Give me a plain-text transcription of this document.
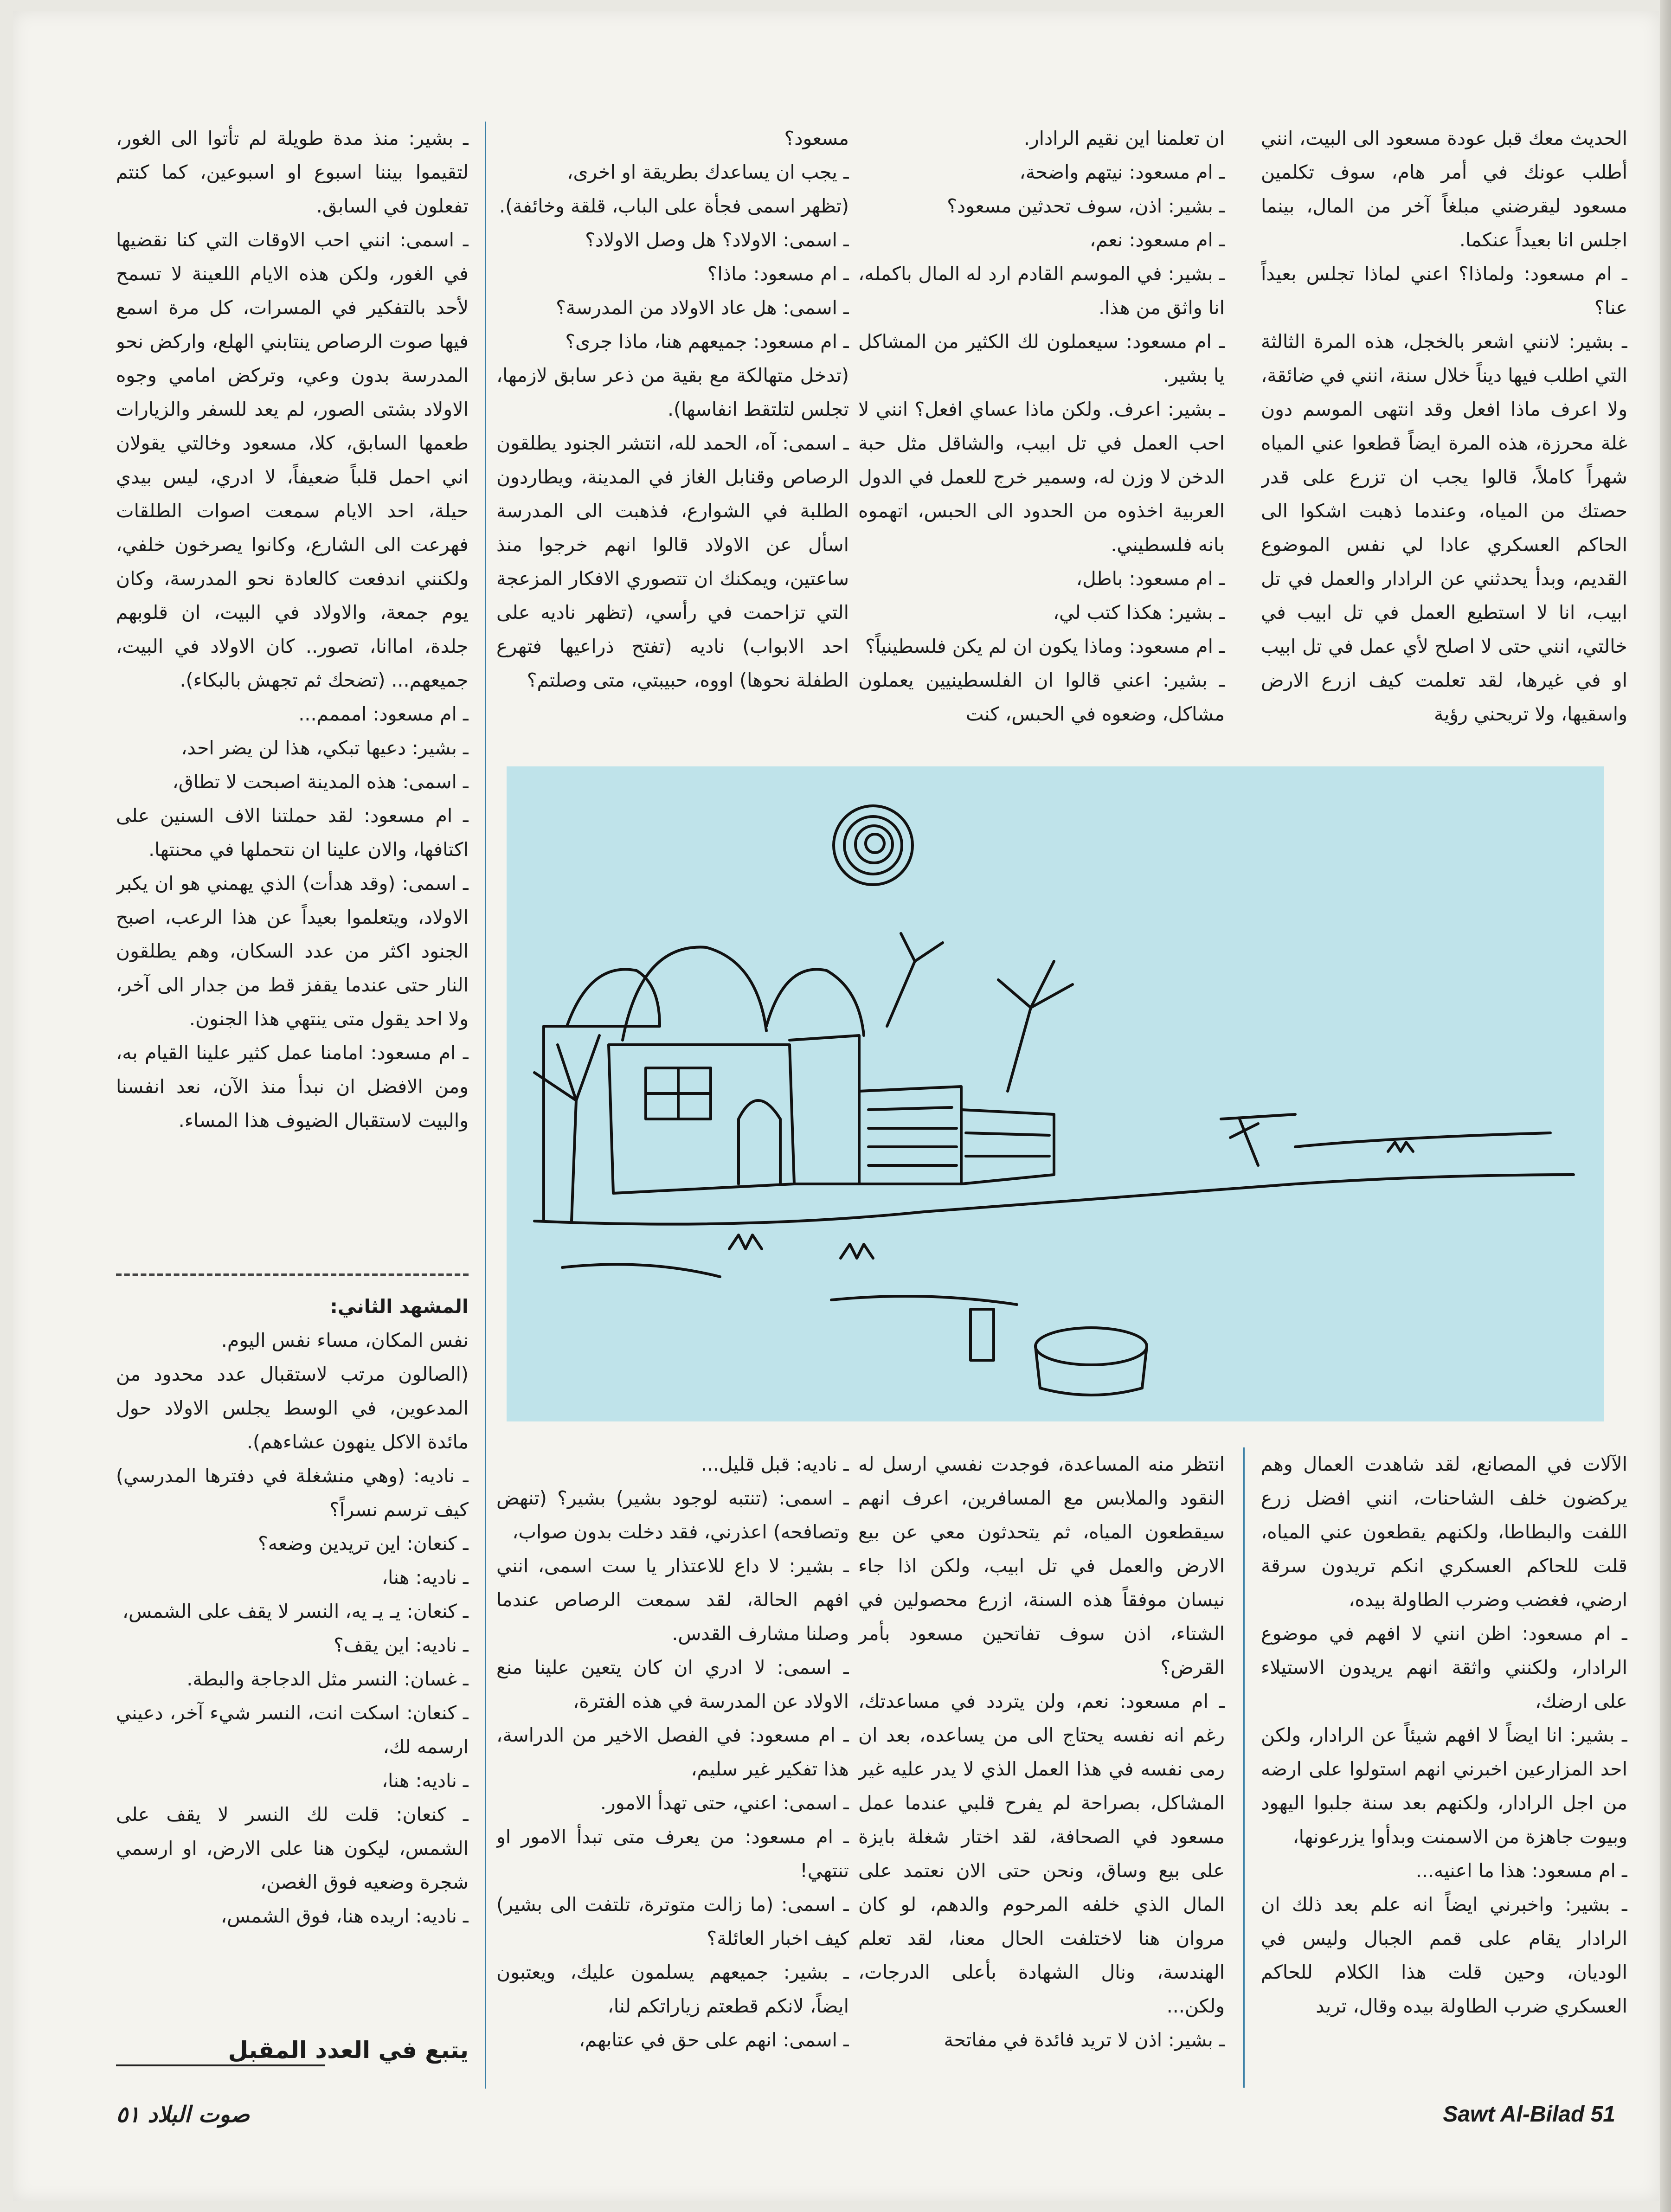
الحديث معك قبل عودة مسعود الى البيت، انني أطلب عونك في أمر هام، سوف تكلمين مسعود ليقرضني مبلغاً آخر من المال، بينما اجلس انا بعيداً عنكما.

ـ ام مسعود: ولماذا؟ اعني لماذا تجلس بعيداً عنا؟

ـ بشير: لانني اشعر بالخجل، هذه المرة الثالثة التي اطلب فيها ديناً خلال سنة، انني في ضائقة، ولا اعرف ماذا افعل وقد انتهى الموسم دون غلة محرزة، هذه المرة ايضاً قطعوا عني المياه شهراً كاملاً، قالوا يجب ان تزرع على قدر حصتك من المياه، وعندما ذهبت اشكوا الى الحاكم العسكري عادا لي نفس الموضوع القديم، وبدأ يحدثني عن الرادار والعمل في تل ابيب، انا لا استطيع العمل في تل ابيب في خالتي، انني حتى لا اصلح لأي عمل في تل ابيب او في غيرها، لقد تعلمت كيف ازرع الارض واسقيها، ولا تريحني رؤية

ان تعلمنا اين نقيم الرادار.

ـ ام مسعود: نيتهم واضحة،

ـ بشير: اذن، سوف تحدثين مسعود؟

ـ ام مسعود: نعم،

ـ بشير: في الموسم القادم ارد له المال باكمله، انا واثق من هذا.

ـ ام مسعود: سيعملون لك الكثير من المشاكل يا بشير.

ـ بشير: اعرف. ولكن ماذا عساي افعل؟ انني لا احب العمل في تل ابيب، والشاقل مثل حبة الدخن لا وزن له، وسمير خرج للعمل في الدول العربية اخذوه من الحدود الى الحبس، اتهموه بانه فلسطيني.

ـ ام مسعود: باطل،

ـ بشير: هكذا كتب لي،

ـ ام مسعود: وماذا يكون ان لم يكن فلسطينياً؟

ـ بشير: اعني قالوا ان الفلسطينيين يعملون مشاكل، وضعوه في الحبس، كنت

مسعود؟

ـ يجب ان يساعدك بطريقة او اخرى،

(تظهر اسمى فجأة على الباب، قلقة وخائفة).

ـ اسمى: الاولاد؟ هل وصل الاولاد؟

ـ ام مسعود: ماذا؟

ـ اسمى: هل عاد الاولاد من المدرسة؟

ـ ام مسعود: جميعهم هنا، ماذا جرى؟

(تدخل متهالكة مع بقية من ذعر سابق لازمها، تجلس لتلتقط انفاسها).

ـ اسمى: آه، الحمد لله، انتشر الجنود يطلقون الرصاص وقنابل الغاز في المدينة، ويطاردون الطلبة في الشوارع، فذهبت الى المدرسة اسأل عن الاولاد قالوا انهم خرجوا منذ ساعتين، ويمكنك ان تتصوري الافكار المزعجة التي تزاحمت في رأسي، (تظهر ناديه على احد الابواب) ناديه (تفتح ذراعيها فتهرع الطفلة نحوها) اووه، حبيبتي، متى وصلتم؟

ـ بشير: منذ مدة طويلة لم تأتوا الى الغور، لتقيموا بيننا اسبوع او اسبوعين، كما كنتم تفعلون في السابق.

ـ اسمى: انني احب الاوقات التي كنا نقضيها في الغور، ولكن هذه الايام اللعينة لا تسمح لأحد بالتفكير في المسرات، كل مرة اسمع فيها صوت الرصاص ينتابني الهلع، واركض نحو المدرسة بدون وعي، وتركض امامي وجوه الاولاد بشتى الصور، لم يعد للسفر والزيارات طعمها السابق، كلا، مسعود وخالتي يقولان اني احمل قلباً ضعيفاً، لا ادري، ليس بيدي حيلة، احد الايام سمعت اصوات الطلقات فهرعت الى الشارع، وكانوا يصرخون خلفي، ولكنني اندفعت كالعادة نحو المدرسة، وكان يوم جمعة، والاولاد في البيت، ان قلوبهم جلدة، اماانا، تصور.. كان الاولاد في البيت، جميعهم... (تضحك ثم تجهش بالبكاء).

ـ ام مسعود: امممم...

ـ بشير: دعيها تبكي، هذا لن يضر احد،

ـ اسمى: هذه المدينة اصبحت لا تطاق،

ـ ام مسعود: لقد حملتنا الاف السنين على اكتافها، والان علينا ان نتحملها في محنتها.

ـ اسمى: (وقد هدأت) الذي يهمني هو ان يكبر الاولاد، ويتعلموا بعيداً عن هذا الرعب، اصبح الجنود اكثر من عدد السكان، وهم يطلقون النار حتى عندما يقفز قط من جدار الى آخر، ولا احد يقول متى ينتهي هذا الجنون.

ـ ام مسعود: امامنا عمل كثير علينا القيام به، ومن الافضل ان نبدأ منذ الآن، نعد انفسنا والبيت لاستقبال الضيوف هذا المساء.

المشهد الثاني:

نفس المكان، مساء نفس اليوم.

(الصالون مرتب لاستقبال عدد محدود من المدعوين، في الوسط يجلس الاولاد حول مائدة الاكل ينهون عشاءهم).

ـ ناديه: (وهي منشغلة في دفترها المدرسي) كيف ترسم نسراً؟

ـ كنعان: اين تريدين وضعه؟

ـ ناديه: هنا،

ـ كنعان: يـ يـ يه، النسر لا يقف على الشمس،

ـ ناديه: اين يقف؟

ـ غسان: النسر مثل الدجاجة والبطة.

ـ كنعان: اسكت انت، النسر شيء آخر، دعيني ارسمه لك،

ـ ناديه: هنا،

ـ كنعان: قلت لك النسر لا يقف على الشمس، ليكون هنا على الارض، او ارسمي شجرة وضعيه فوق الغصن،

ـ ناديه: اريده هنا، فوق الشمس،

الآلات في المصانع، لقد شاهدت العمال وهم يركضون خلف الشاحنات، انني افضل زرع اللفت والبطاطا، ولكنهم يقطعون عني المياه، قلت للحاكم العسكري انكم تريدون سرقة ارضي، فغضب وضرب الطاولة بيده،

ـ ام مسعود: اظن انني لا افهم في موضوع الرادار، ولكنني واثقة انهم يريدون الاستيلاء على ارضك،

ـ بشير: انا ايضاً لا افهم شيئاً عن الرادار، ولكن احد المزارعين اخبرني انهم استولوا على ارضه من اجل الرادار، ولكنهم بعد سنة جلبوا اليهود وبيوت جاهزة من الاسمنت وبدأوا يزرعونها،

ـ ام مسعود: هذا ما اعنيه...

ـ بشير: واخبرني ايضاً انه علم بعد ذلك ان الرادار يقام على قمم الجبال وليس في الوديان، وحين قلت هذا الكلام للحاكم العسكري ضرب الطاولة بيده وقال، تريد

انتظر منه المساعدة، فوجدت نفسي ارسل له النقود والملابس مع المسافرين، اعرف انهم سيقطعون المياه، ثم يتحدثون معي عن بيع الارض والعمل في تل ابيب، ولكن اذا جاء نيسان موفقاً هذه السنة، ازرع محصولين في الشتاء، اذن سوف تفاتحين مسعود بأمر القرض؟

ـ ام مسعود: نعم، ولن يتردد في مساعدتك، رغم انه نفسه يحتاج الى من يساعده، بعد ان رمى نفسه في هذا العمل الذي لا يدر عليه غير المشاكل، بصراحة لم يفرح قلبي عندما عمل مسعود في الصحافة، لقد اختار شغلة بايزة على بيع وساق، ونحن حتى الان نعتمد على المال الذي خلفه المرحوم والدهم، لو كان مروان هنا لاختلفت الحال معنا، لقد تعلم الهندسة، ونال الشهادة بأعلى الدرجات، ولكن...

ـ بشير: اذن لا تريد فائدة في مفاتحة

ـ ناديه: قبل قليل...

ـ اسمى: (تنتبه لوجود بشير) بشير؟ (تنهض وتصافحه) اعذرني، فقد دخلت بدون صواب،

ـ بشير: لا داع للاعتذار يا ست اسمى، انني افهم الحالة، لقد سمعت الرصاص عندما وصلنا مشارف القدس.

ـ اسمى: لا ادري ان كان يتعين علينا منع الاولاد عن المدرسة في هذه الفترة،

ـ ام مسعود: في الفصل الاخير من الدراسة، هذا تفكير غير سليم،

ـ اسمى: اعني، حتى تهدأ الامور.

ـ ام مسعود: من يعرف متى تبدأ الامور او تنتهي!

ـ اسمى: (ما زالت متوترة، تلتفت الى بشير) كيف اخبار العائلة؟

ـ بشير: جميعهم يسلمون عليك، ويعتبون ايضاً، لانكم قطعتم زياراتكم لنا،

ـ اسمى: انهم على حق في عتابهم،

يتبع في العدد المقبل
صوت البلاد ٥١	Sawt Al-Bilad 51
